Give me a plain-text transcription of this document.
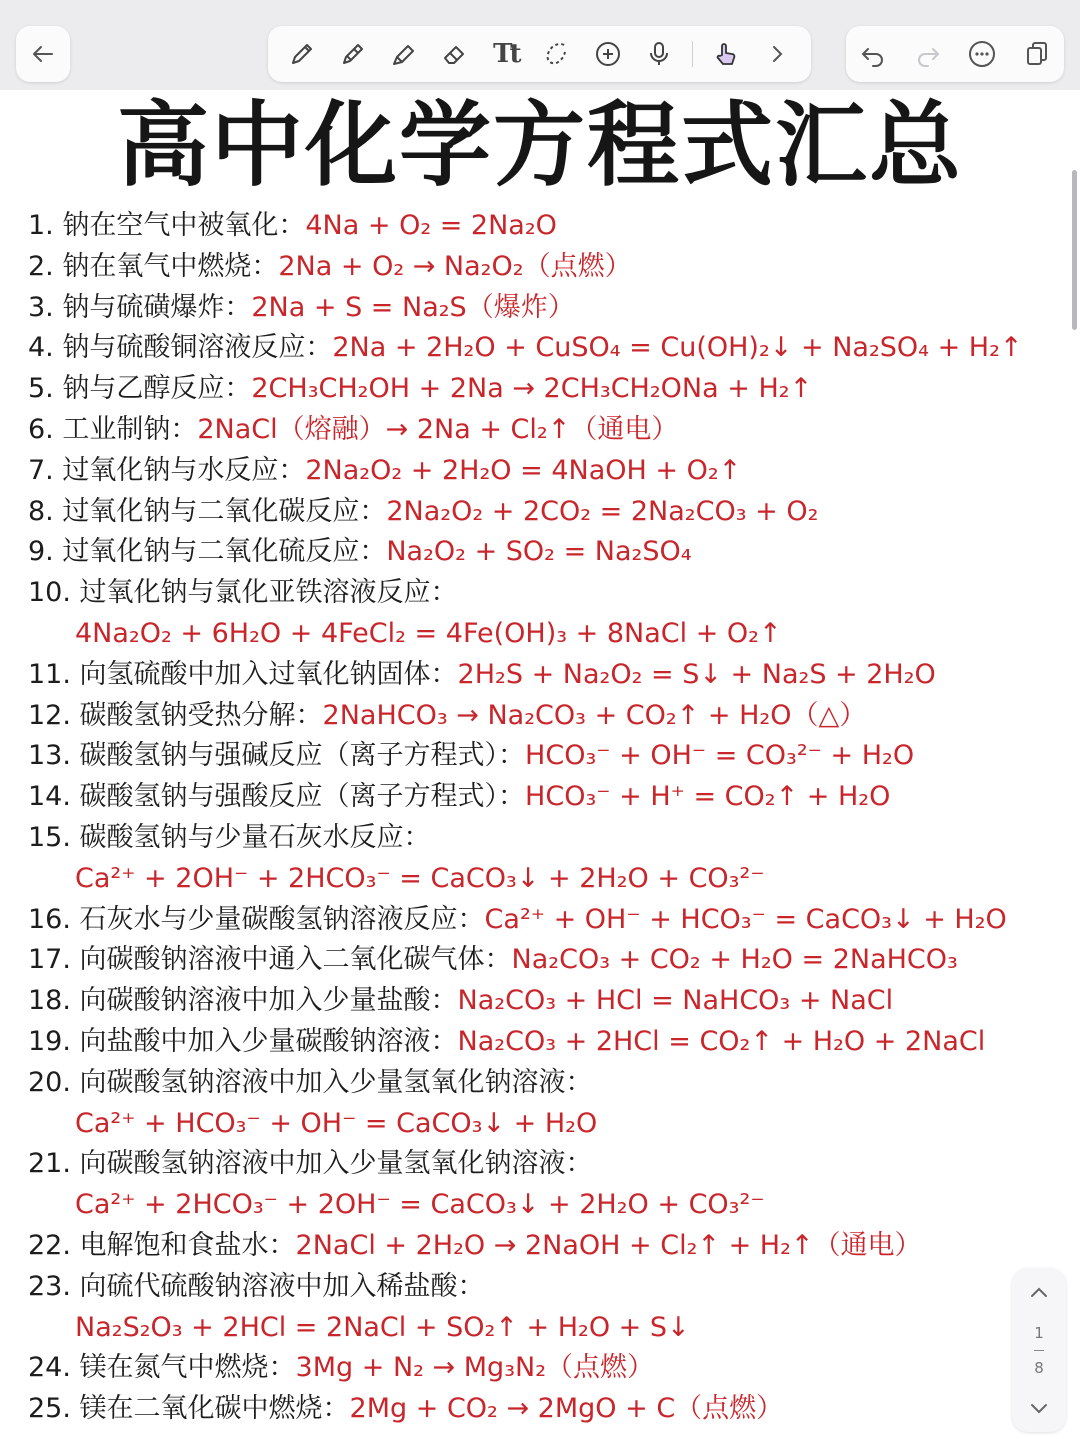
Tt
高中化学方程式汇总
1. 钠在空气中被氧化：4Na + O₂ = 2Na₂O
2. 钠在氧气中燃烧：2Na + O₂ → Na₂O₂（点燃）
3. 钠与硫磺爆炸：2Na + S = Na₂S（爆炸）
4. 钠与硫酸铜溶液反应：2Na + 2H₂O + CuSO₄ = Cu(OH)₂↓ + Na₂SO₄ + H₂↑
5. 钠与乙醇反应：2CH₃CH₂OH + 2Na → 2CH₃CH₂ONa + H₂↑
6. 工业制钠：2NaCl（熔融）→ 2Na + Cl₂↑（通电）
7. 过氧化钠与水反应：2Na₂O₂ + 2H₂O = 4NaOH + O₂↑
8. 过氧化钠与二氧化碳反应：2Na₂O₂ + 2CO₂ = 2Na₂CO₃ + O₂
9. 过氧化钠与二氧化硫反应：Na₂O₂ + SO₂ = Na₂SO₄
10. 过氧化钠与氯化亚铁溶液反应：
4Na₂O₂ + 6H₂O + 4FeCl₂ = 4Fe(OH)₃ + 8NaCl + O₂↑
11. 向氢硫酸中加入过氧化钠固体：2H₂S + Na₂O₂ = S↓ + Na₂S + 2H₂O
12. 碳酸氢钠受热分解：2NaHCO₃ → Na₂CO₃ + CO₂↑ + H₂O（△）
13. 碳酸氢钠与强碱反应（离子方程式）：HCO₃⁻ + OH⁻ = CO₃²⁻ + H₂O
14. 碳酸氢钠与强酸反应（离子方程式）：HCO₃⁻ + H⁺ = CO₂↑ + H₂O
15. 碳酸氢钠与少量石灰水反应：
Ca²⁺ + 2OH⁻ + 2HCO₃⁻ = CaCO₃↓ + 2H₂O + CO₃²⁻
16. 石灰水与少量碳酸氢钠溶液反应：Ca²⁺ + OH⁻ + HCO₃⁻ = CaCO₃↓ + H₂O
17. 向碳酸钠溶液中通入二氧化碳气体：Na₂CO₃ + CO₂ + H₂O = 2NaHCO₃
18. 向碳酸钠溶液中加入少量盐酸：Na₂CO₃ + HCl = NaHCO₃ + NaCl
19. 向盐酸中加入少量碳酸钠溶液：Na₂CO₃ + 2HCl = CO₂↑ + H₂O + 2NaCl
20. 向碳酸氢钠溶液中加入少量氢氧化钠溶液：
Ca²⁺ + HCO₃⁻ + OH⁻ = CaCO₃↓ + H₂O
21. 向碳酸氢钠溶液中加入少量氢氧化钠溶液：
Ca²⁺ + 2HCO₃⁻ + 2OH⁻ = CaCO₃↓ + 2H₂O + CO₃²⁻
22. 电解饱和食盐水：2NaCl + 2H₂O → 2NaOH + Cl₂↑ + H₂↑（通电）
23. 向硫代硫酸钠溶液中加入稀盐酸：
Na₂S₂O₃ + 2HCl = 2NaCl + SO₂↑ + H₂O + S↓
24. 镁在氮气中燃烧：3Mg + N₂ → Mg₃N₂（点燃）
25. 镁在二氧化碳中燃烧：2Mg + CO₂ → 2MgO + C（点燃）
1
8
